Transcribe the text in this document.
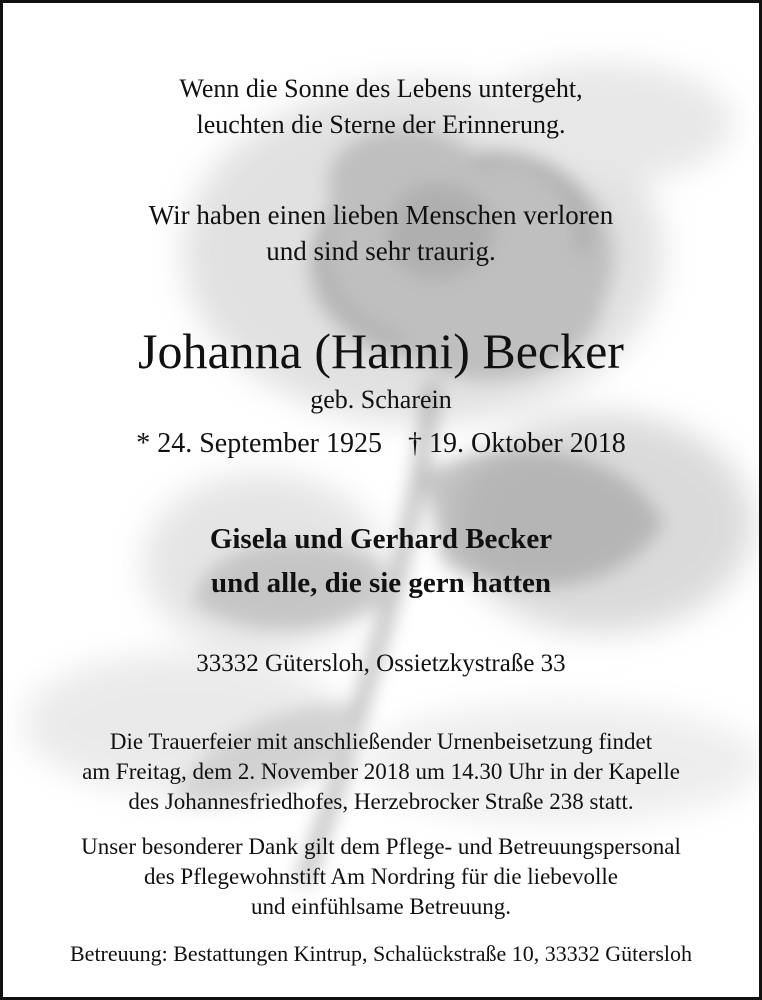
Wenn die Sonne des Lebens untergeht,
leuchten die Sterne der Erinnerung.
Wir haben einen lieben Menschen verloren
und sind sehr traurig.
Johanna (Hanni) Becker
geb. Scharein
* 24. September 1925 † 19. Oktober 2018
Gisela und Gerhard Becker
und alle, die sie gern hatten
33332 Gütersloh, Ossietzkystraße 33
Die Trauerfeier mit anschließender Urnenbeisetzung findet
am Freitag, dem 2. November 2018 um 14.30 Uhr in der Kapelle
des Johannesfriedhofes, Herzebrocker Straße 238 statt.
Unser besonderer Dank gilt dem Pflege- und Betreuungspersonal
des Pflegewohnstift Am Nordring für die liebevolle
und einfühlsame Betreuung.
Betreuung: Bestattungen Kintrup, Schalückstraße 10, 33332 Gütersloh
